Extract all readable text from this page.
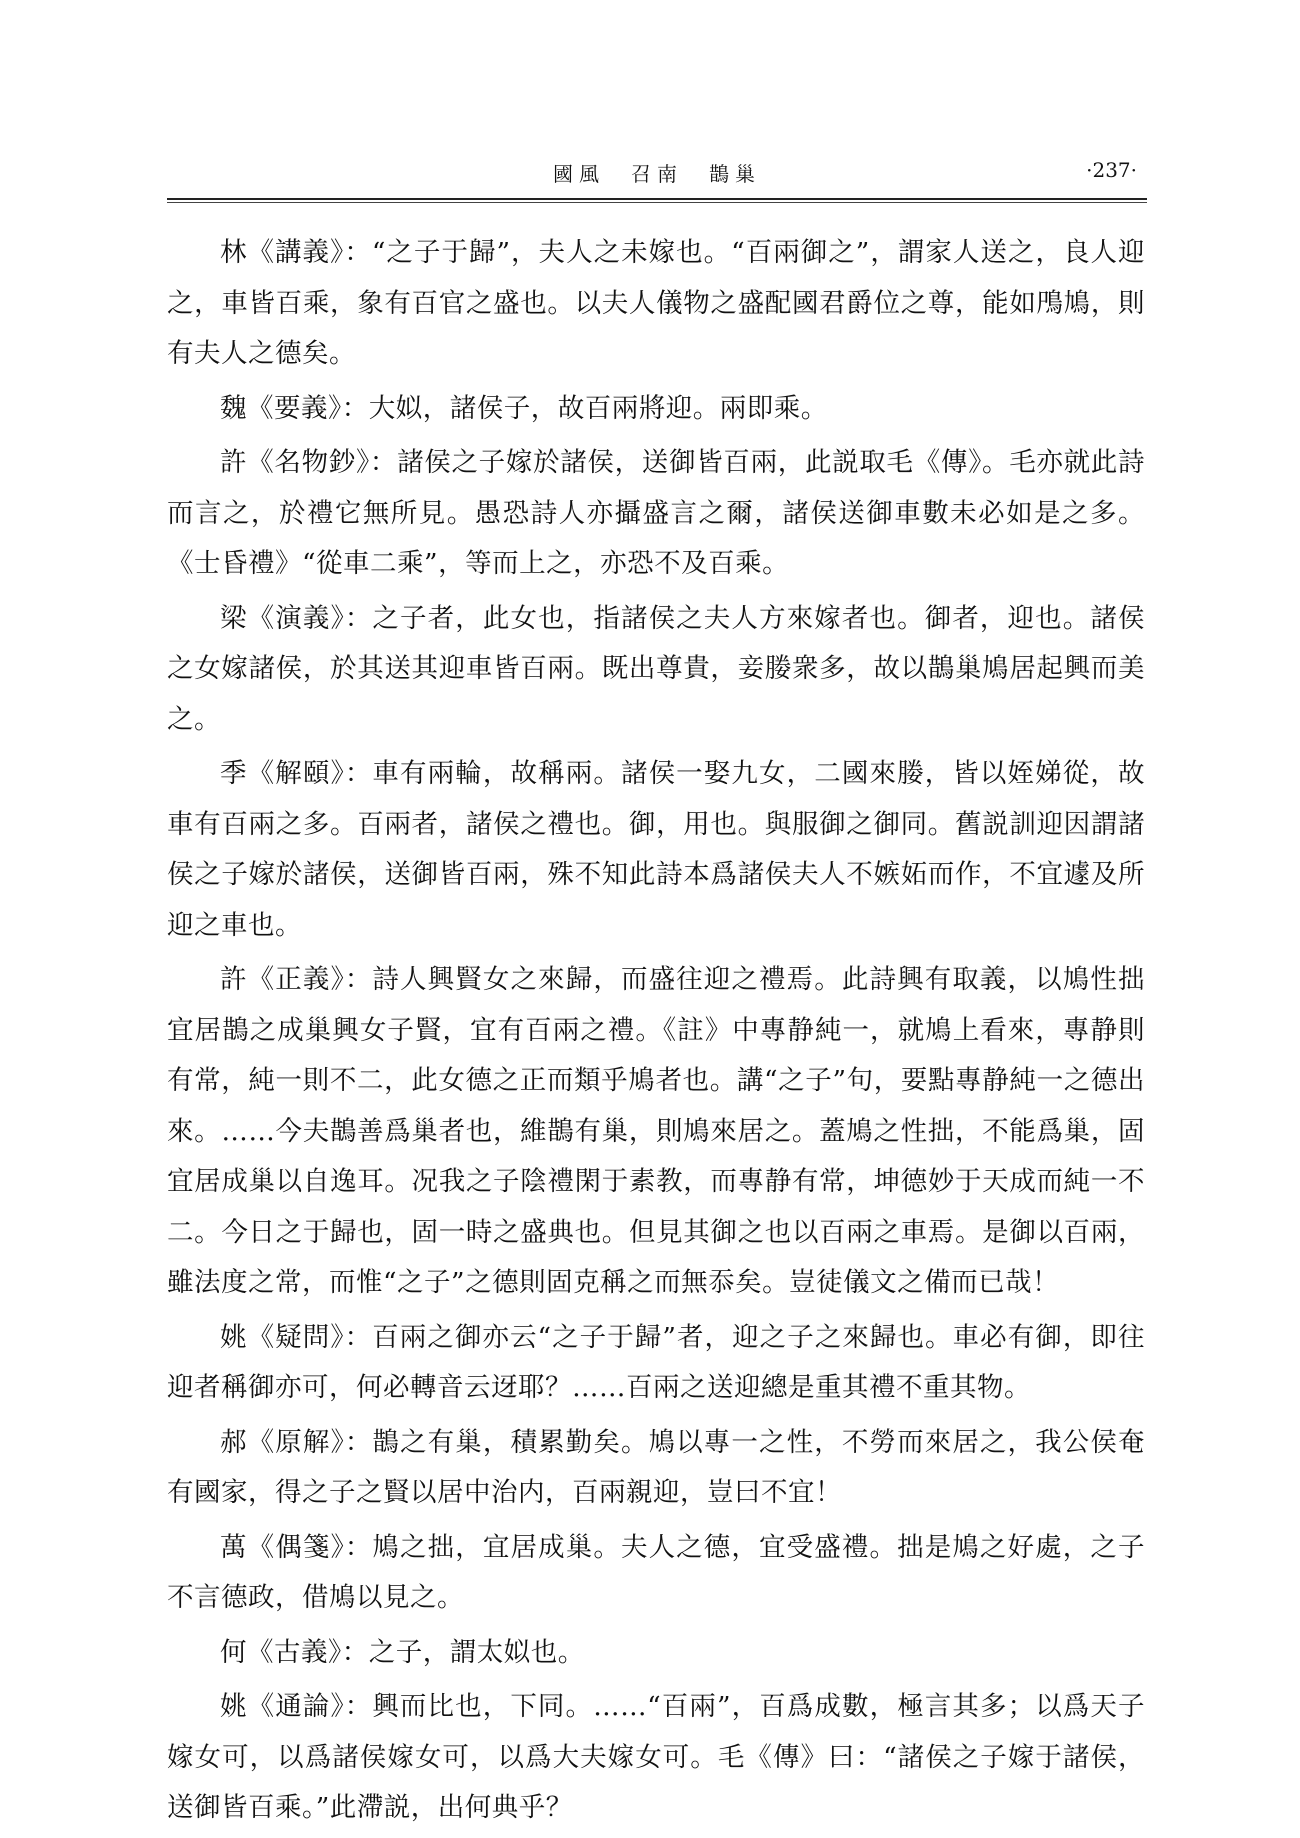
國風　召南　鵲巢	·237·

林《講義》：“之子于歸”，夫人之未嫁也。“百兩御之”，謂家人送之，良人迎之，車皆百乘，象有百官之盛也。以夫人儀物之盛配國君爵位之尊，能如鳲鳩，則有夫人之德矣。

魏《要義》：大姒，諸侯子，故百兩將迎。兩即乘。

許《名物鈔》：諸侯之子嫁於諸侯，送御皆百兩，此説取毛《傳》。毛亦就此詩而言之，於禮它無所見。愚恐詩人亦攝盛言之爾，諸侯送御車數未必如是之多。《士昏禮》“從車二乘”，等而上之，亦恐不及百乘。

梁《演義》：之子者，此女也，指諸侯之夫人方來嫁者也。御者，迎也。諸侯之女嫁諸侯，於其送其迎車皆百兩。既出尊貴，妾媵衆多，故以鵲巢鳩居起興而美之。

季《解頤》：車有兩輪，故稱兩。諸侯一娶九女，二國來媵，皆以姪娣從，故車有百兩之多。百兩者，諸侯之禮也。御，用也。與服御之御同。舊説訓迎因謂諸侯之子嫁於諸侯，送御皆百兩，殊不知此詩本爲諸侯夫人不嫉妬而作，不宜遽及所迎之車也。

許《正義》：詩人興賢女之來歸，而盛往迎之禮焉。此詩興有取義，以鳩性拙宜居鵲之成巢興女子賢，宜有百兩之禮。《註》中專静純一，就鳩上看來，專静則有常，純一則不二，此女德之正而類乎鳩者也。講“之子”句，要點專静純一之德出來。……今夫鵲善爲巢者也，維鵲有巢，則鳩來居之。蓋鳩之性拙，不能爲巢，固宜居成巢以自逸耳。况我之子陰禮閑于素教，而專静有常，坤德妙于天成而純一不二。今日之于歸也，固一時之盛典也。但見其御之也以百兩之車焉。是御以百兩，雖法度之常，而惟“之子”之德則固克稱之而無忝矣。豈徒儀文之備而已哉！

姚《疑問》：百兩之御亦云“之子于歸”者，迎之子之來歸也。車必有御，即往迎者稱御亦可，何必轉音云迓耶？……百兩之送迎總是重其禮不重其物。

郝《原解》：鵲之有巢，積累勤矣。鳩以專一之性，不勞而來居之，我公侯奄有國家，得之子之賢以居中治内，百兩親迎，豈曰不宜！

萬《偶箋》：鳩之拙，宜居成巢。夫人之德，宜受盛禮。拙是鳩之好處，之子不言德政，借鳩以見之。

何《古義》：之子，謂太姒也。

姚《通論》：興而比也，下同。……“百兩”，百爲成數，極言其多；以爲天子嫁女可，以爲諸侯嫁女可，以爲大夫嫁女可。毛《傳》曰：“諸侯之子嫁于諸侯，送御皆百乘。”此滯説，出何典乎？
